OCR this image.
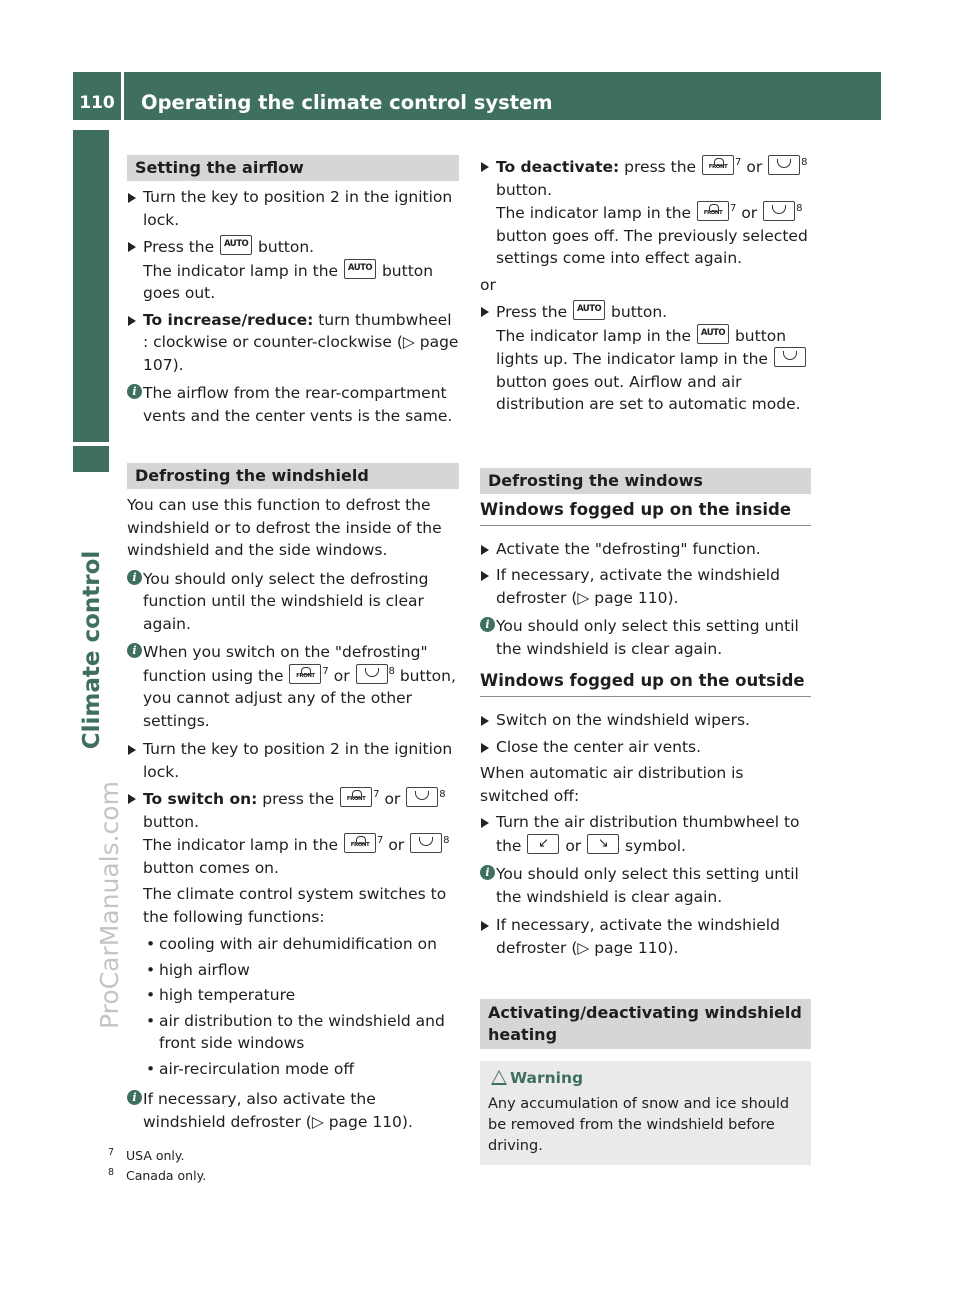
110	Operating the climate control system
Climate control
ProCarManuals.com
Setting the airflow
Turn the key to position 2 in the ignition lock.
Press the	AUTO button.
The indicator lamp in the	AUTO button goes out.
To increase/reduce: turn thumbwheel : clockwise or counter-clockwise (▷ page 107).
i The airflow from the rear-compartment vents and the center vents is the same.
Defrosting the windshield
You can use this function to defrost the windshield or to defrost the inside of the windshield and the side windows.
i You should only select the defrosting function until the windshield is clear again.
i When you switch on the "defrosting" function using the	FRONT $^7$ or	$^8$ button, you cannot adjust any of the other settings.
Turn the key to position 2 in the ignition lock.
To switch on: press the	FRONT $^7$ or	$^8$
button.
The indicator lamp in the	FRONT $^7$ or	$^8$ button comes on.
The climate control system switches to the following functions:
• cooling with air dehumidification on
• high airflow
• high temperature
• air distribution to the windshield and front side windows
• air-recirculation mode off
i If necessary, also activate the windshield defroster (▷ page 110).
To deactivate: press the	FRONT $^7$ or	$^8$
button.
The indicator lamp in the	FRONT $^7$ or	$^8$ button goes off. The previously selected settings come into effect again.
or
Press the	AUTO button.
The indicator lamp in the	AUTO button lights up. The indicator lamp in the  button goes out. Airflow and air distribution are set to automatic mode.
Defrosting the windows
Windows fogged up on the inside
Activate the "defrosting" function.
If necessary, activate the windshield defroster (▷ page 110).
i You should only select this setting until the windshield is clear again.
Windows fogged up on the outside
Switch on the windshield wipers.
Close the center air vents.
When automatic air distribution is switched off:
Turn the air distribution thumbwheel to the	↙	or	↘	symbol.
i You should only select this setting until the windshield is clear again.
If necessary, activate the windshield defroster (▷ page 110).
Activating/deactivating windshield heating
Warning
Any accumulation of snow and ice should be removed from the windshield before driving.
7 USA only.
8 Canada only.
